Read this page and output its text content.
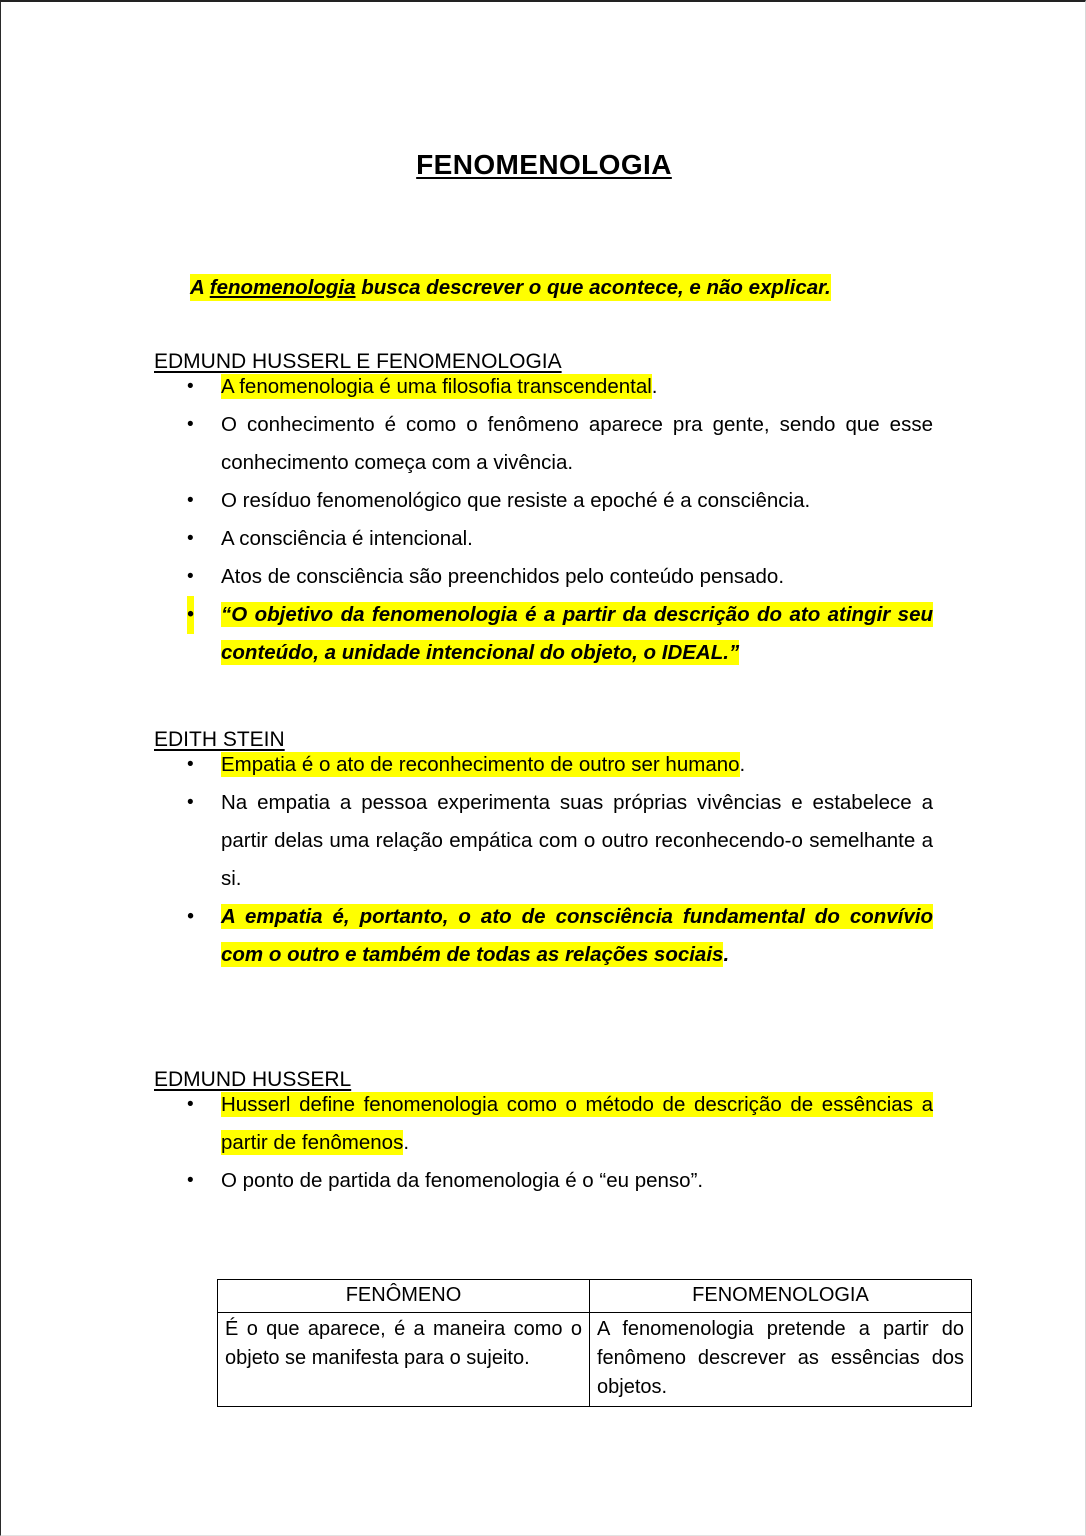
FENOMENOLOGIA

A fenomenologia busca descrever o que acontece, e não explicar.

EDMUND HUSSERL E FENOMENOLOGIA
• A fenomenologia é uma filosofia transcendental.
• O conhecimento é como o fenômeno aparece pra gente, sendo que esse conhecimento começa com a vivência.
• O resíduo fenomenológico que resiste a epoché é a consciência.
• A consciência é intencional.
• Atos de consciência são preenchidos pelo conteúdo pensado.
• “O objetivo da fenomenologia é a partir da descrição do ato atingir seu conteúdo, a unidade intencional do objeto, o IDEAL.”
EDITH STEIN
• Empatia é o ato de reconhecimento de outro ser humano.
• Na empatia a pessoa experimenta suas próprias vivências e estabelece a partir delas uma relação empática com o outro reconhecendo-o semelhante a si.
• A empatia é, portanto, o ato de consciência fundamental do convívio com o outro e também de todas as relações sociais.
EDMUND HUSSERL
• Husserl define fenomenologia como o método de descrição de essências a partir de fenômenos.
• O ponto de partida da fenomenologia é o “eu penso”.
FENÔMENO	FENOMENOLOGIA
É o que aparece, é a maneira como o objeto se manifesta para o sujeito.	A fenomenologia pretende a partir do fenômeno descrever as essências dos objetos.
